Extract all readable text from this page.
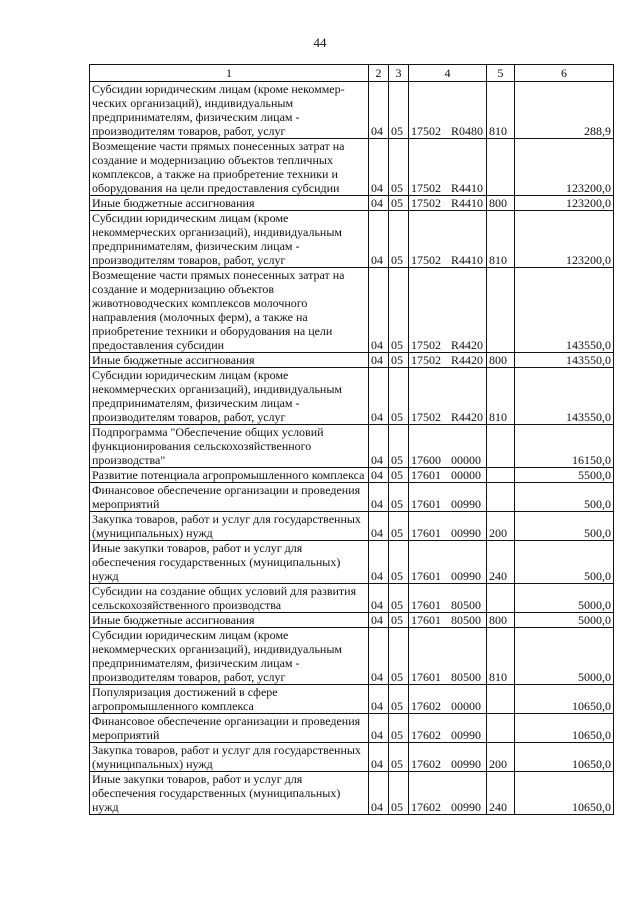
44
1	2	3	4	5	6
Субсидии юридическим лицам (кроме некоммер-ческих организаций), индивидуальным предпринимателям, физическим лицам - производителям товаров, работ, услуг	04	05	17502 R0480	810	288,9
Возмещение части прямых понесенных затрат на создание и модернизацию объектов тепличных комплексов, а также на приобретение техники и оборудования на цели предоставления субсидии	04	05	17502 R4410		123200,0
Иные бюджетные ассигнования	04	05	17502 R4410	800	123200,0
Субсидии юридическим лицам (кроме некоммерческих организаций), индивидуальным предпринимателям, физическим лицам - производителям товаров, работ, услуг	04	05	17502 R4410	810	123200,0
Возмещение части прямых понесенных затрат на создание и модернизацию объектов животноводческих комплексов молочного направления (молочных ферм), а также на приобретение техники и оборудования на цели предоставления субсидии	04	05	17502 R4420		143550,0
Иные бюджетные ассигнования	04	05	17502 R4420	800	143550,0
Субсидии юридическим лицам (кроме некоммерческих организаций), индивидуальным предпринимателям, физическим лицам - производителям товаров, работ, услуг	04	05	17502 R4420	810	143550,0
Подпрограмма "Обеспечение общих условий функционирования сельскохозяйственного производства"	04	05	17600 00000		16150,0
Развитие потенциала агропромышленного комплекса	04	05	17601 00000		5500,0
Финансовое обеспечение организации и проведения мероприятий	04	05	17601 00990		500,0
Закупка товаров, работ и услуг для государственных (муниципальных) нужд	04	05	17601 00990	200	500,0
Иные закупки товаров, работ и услуг для обеспечения государственных (муниципальных) нужд	04	05	17601 00990	240	500,0
Субсидии на создание общих условий для развития сельскохозяйственного производства	04	05	17601 80500		5000,0
Иные бюджетные ассигнования	04	05	17601 80500	800	5000,0
Субсидии юридическим лицам (кроме некоммерческих организаций), индивидуальным предпринимателям, физическим лицам - производителям товаров, работ, услуг	04	05	17601 80500	810	5000,0
Популяризация достижений в сфере агропромышленного комплекса	04	05	17602 00000		10650,0
Финансовое обеспечение организации и проведения мероприятий	04	05	17602 00990		10650,0
Закупка товаров, работ и услуг для государственных (муниципальных) нужд	04	05	17602 00990	200	10650,0
Иные закупки товаров, работ и услуг для обеспечения государственных (муниципальных) нужд	04	05	17602 00990	240	10650,0
